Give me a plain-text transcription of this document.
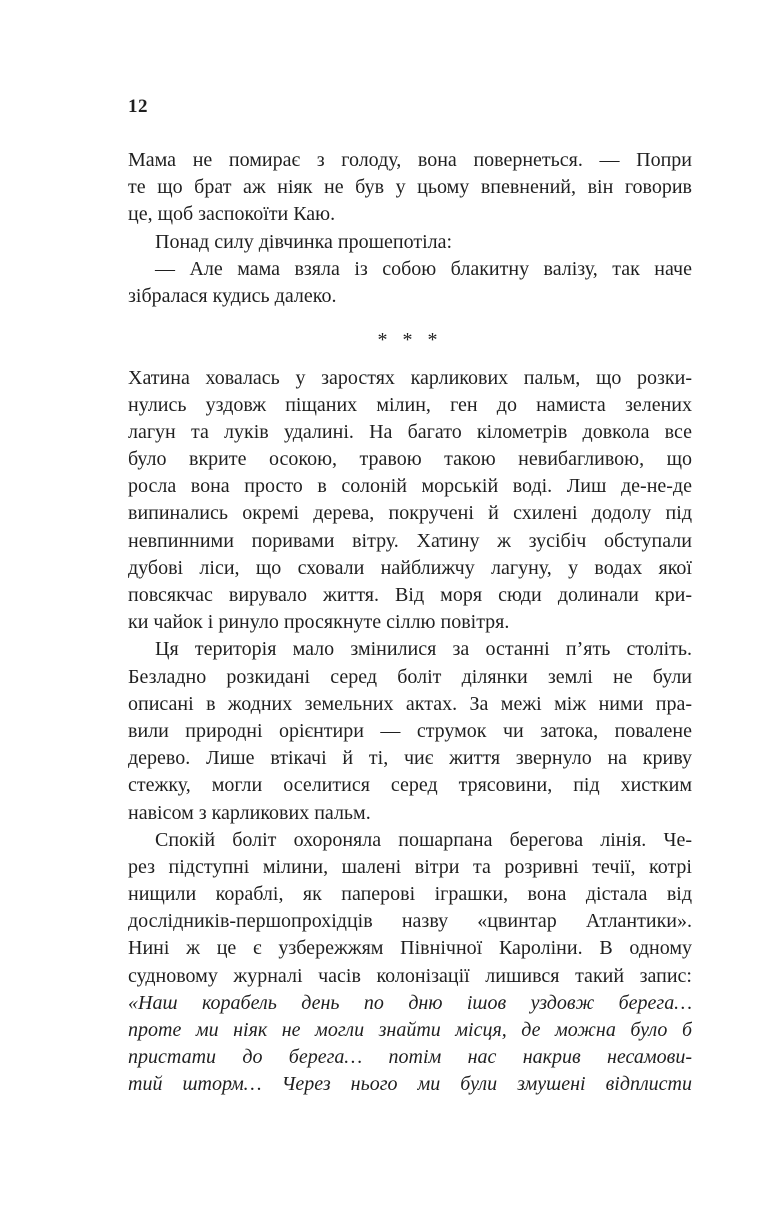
12
Мама не помирає з голоду, вона повернеться. — Попри
те що брат аж ніяк не був у цьому впевнений, він говорив
це, щоб заспокоїти Каю.
Понад силу дівчинка прошепотіла:
— Але мама взяла із собою блакитну валізу, так наче
зібралася кудись далеко.
* * *
Хатина ховалась у заростях карликових пальм, що розки-
нулись уздовж піщаних мілин, ген до намиста зелених
лагун та луків удалині. На багато кілометрів довкола все
було вкрите осокою, травою такою невибагливою, що
росла вона просто в солоній морській воді. Лиш де-не-де
випинались окремі дерева, покручені й схилені додолу під
невпинними поривами вітру. Хатину ж зусібіч обступали
дубові ліси, що сховали найближчу лагуну, у водах якої
повсякчас вирувало життя. Від моря сюди долинали кри-
ки чайок і ринуло просякнуте сіллю повітря.
Ця територія мало змінилися за останні п’ять століть.
Безладно розкидані серед боліт ділянки землі не були
описані в жодних земельних актах. За межі між ними пра-
вили природні орієнтири — струмок чи затока, повалене
дерево. Лише втікачі й ті, чиє життя звернуло на криву
стежку, могли оселитися серед трясовини, під хистким
навісом з карликових пальм.
Спокій боліт охороняла пошарпана берегова лінія. Че-
рез підступні мілини, шалені вітри та розривні течії, котрі
нищили кораблі, як паперові іграшки, вона дістала від
дослідників-першопрохідців назву «цвинтар Атлантики».
Нині ж це є узбережжям Північної Кароліни. В одному
судновому журналі часів колонізації лишився такий запис:
«Наш корабель день по дню ішов уздовж берега…
проте ми ніяк не могли знайти місця, де можна було б
пристати до берега… потім нас накрив несамови-
тий шторм… Через нього ми були змушені відплисти
